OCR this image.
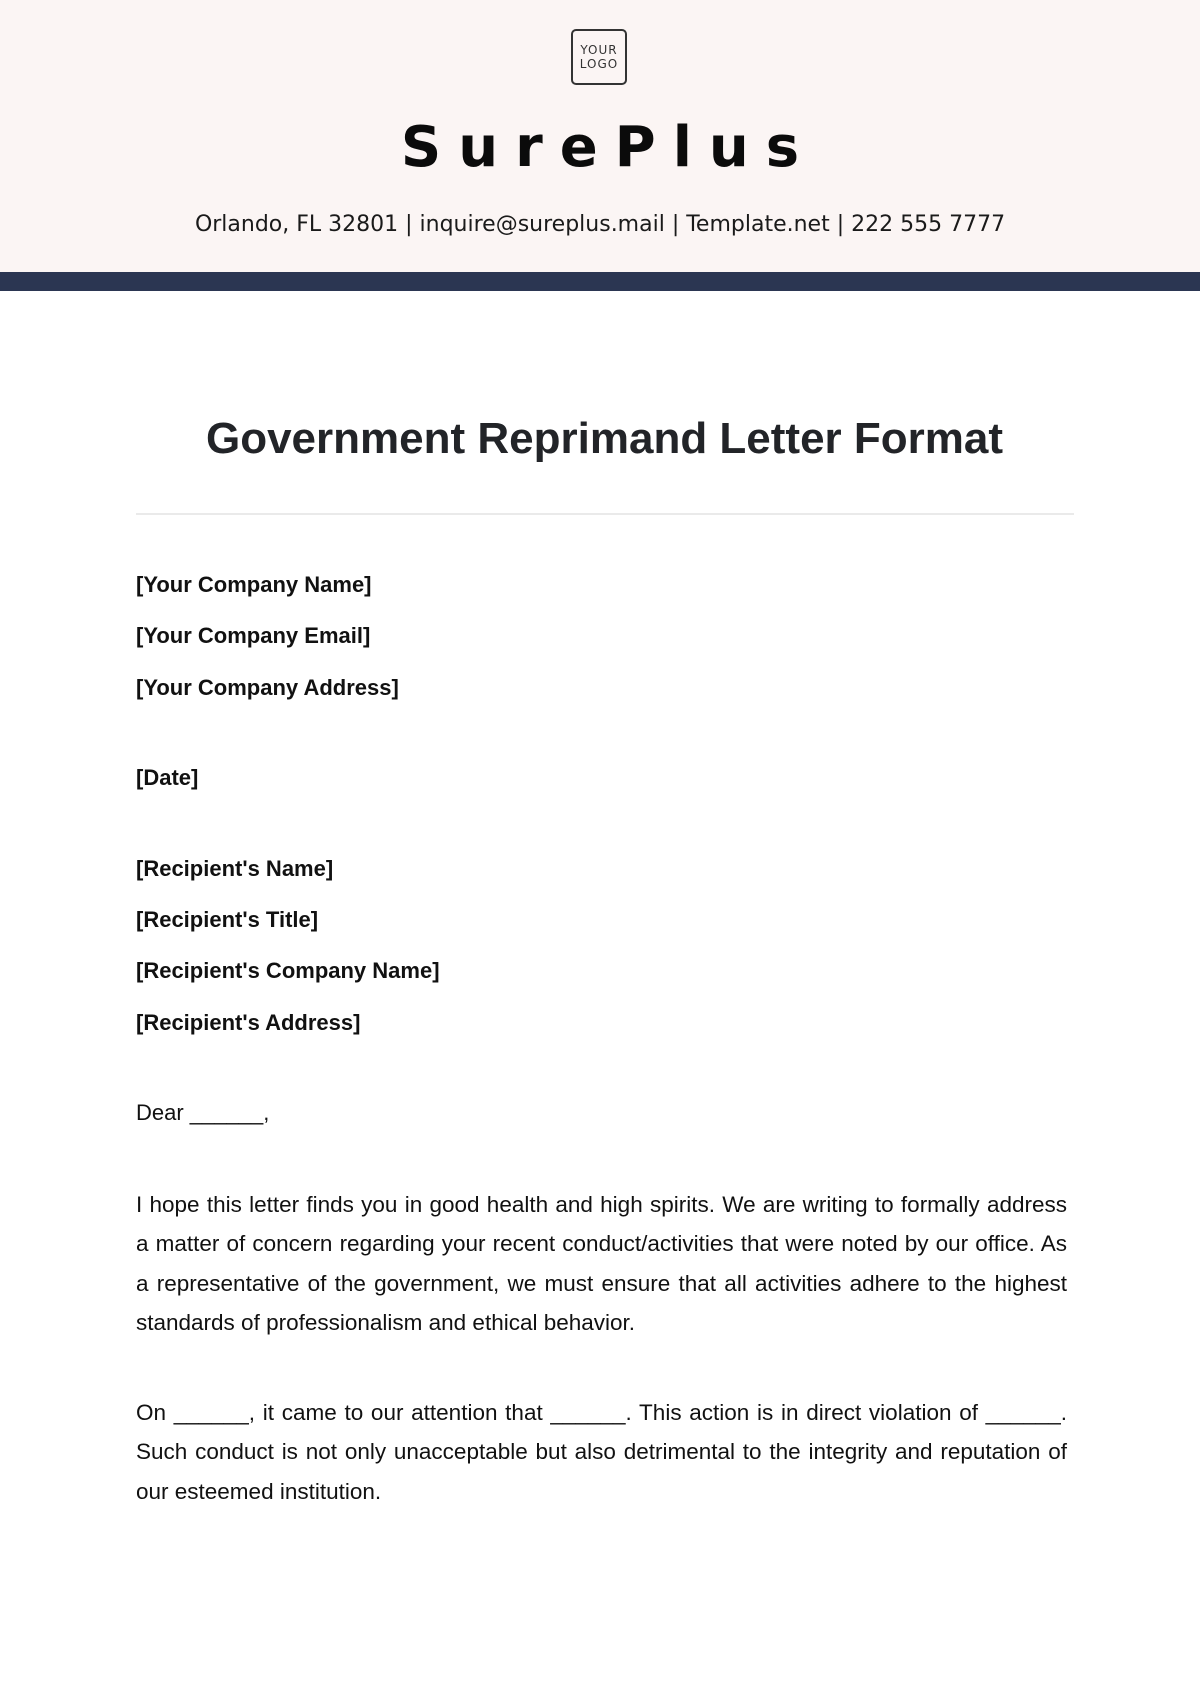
YOUR
LOGO
SurePlus
Orlando, FL 32801 | inquire@sureplus.mail | Template.net | 222 555 7777
Government Reprimand Letter Format
[Your Company Name]
[Your Company Email]
[Your Company Address]
[Date]
[Recipient's Name]
[Recipient's Title]
[Recipient's Company Name]
[Recipient's Address]
Dear ______,

I hope this letter finds you in good health and high spirits. We are writing to formally address a matter of concern regarding your recent conduct/activities that were noted by our office. As a representative of the government, we must ensure that all activities adhere to the highest standards of professionalism and ethical behavior.

On ______, it came to our attention that ______. This action is in direct violation of ______. Such conduct is not only unacceptable but also detrimental to the integrity and reputation of our esteemed institution.
